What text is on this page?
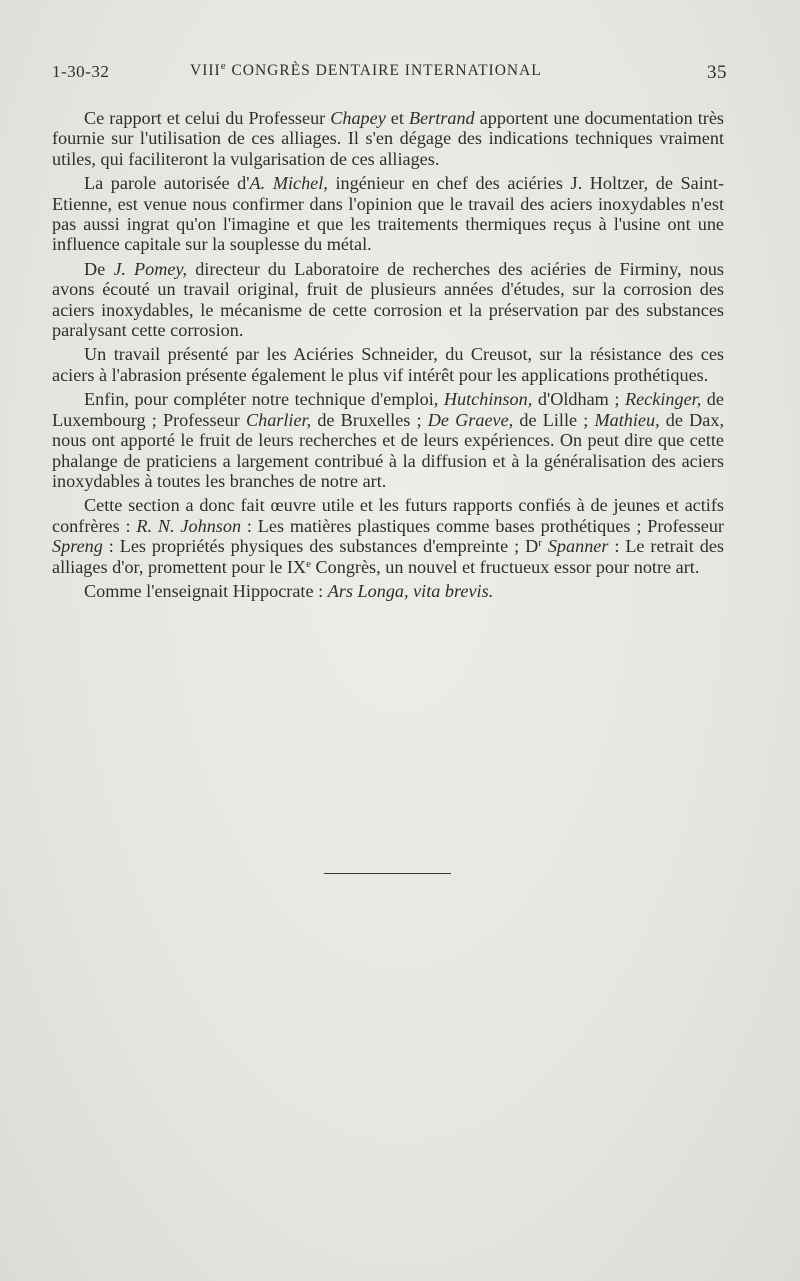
1-30-32	VIIIe CONGRÈS DENTAIRE INTERNATIONAL	35

Ce rapport et celui du Professeur Chapey et Bertrand apportent une documentation très fournie sur l'utilisation de ces alliages. Il s'en dégage des indications techniques vraiment utiles, qui faciliteront la vulgarisation de ces alliages.

La parole autorisée d'A. Michel, ingénieur en chef des aciéries J. Holtzer, de Saint-Etienne, est venue nous confirmer dans l'opinion que le travail des aciers inoxydables n'est pas aussi ingrat qu'on l'imagine et que les traitements thermiques reçus à l'usine ont une influence capitale sur la souplesse du métal.

De J. Pomey, directeur du Laboratoire de recherches des aciéries de Firminy, nous avons écouté un travail original, fruit de plusieurs années d'études, sur la corrosion des aciers inoxydables, le mécanisme de cette corrosion et la préservation par des substances paralysant cette corrosion.

Un travail présenté par les Aciéries Schneider, du Creusot, sur la résistance des ces aciers à l'abrasion présente également le plus vif intérêt pour les applications prothétiques.

Enfin, pour compléter notre technique d'emploi, Hutchinson, d'Oldham ; Reckinger, de Luxembourg ; Professeur Charlier, de Bruxelles ; De Graeve, de Lille ; Mathieu, de Dax, nous ont apporté le fruit de leurs recherches et de leurs expériences. On peut dire que cette phalange de praticiens a largement contribué à la diffusion et à la généralisation des aciers inoxydables à toutes les branches de notre art.

Cette section a donc fait œuvre utile et les futurs rapports confiés à de jeunes et actifs confrères : R. N. Johnson : Les matières plastiques comme bases prothétiques ; Professeur Spreng : Les propriétés physiques des substances d'empreinte ; $D^r$ Spanner : Le retrait des alliages d'or, promettent pour le IXe Congrès, un nouvel et fructueux essor pour notre art.

Comme l'enseignait Hippocrate : Ars Longa, vita brevis.
